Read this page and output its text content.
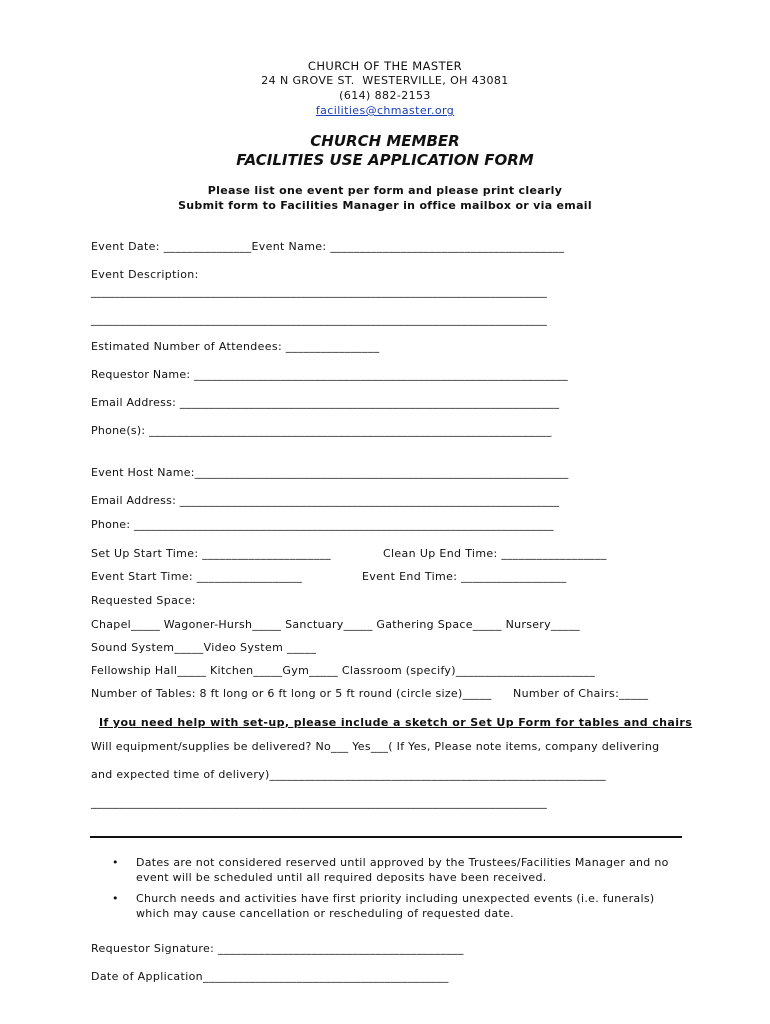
CHURCH OF THE MASTER
24 N GROVE ST.  WESTERVILLE, OH 43081
(614) 882-2153
facilities@chmaster.org
CHURCH MEMBER
FACILITIES USE APPLICATION FORM
Please list one event per form and please print clearly
Submit form to Facilities Manager in office mailbox or via email
Event Date: _______________Event Name: ________________________________________
Event Description:
________________________________________________________________________________
________________________________________________________________________________
Estimated Number of Attendees: ________________
Requestor Name: _________________________________________________________________
Email Address: __________________________________________________________________
Phone(s): ______________________________________________________________________
Event Host Name:_________________________________________________________________
Email Address: __________________________________________________________________
Phone: _________________________________________________________________________
Set Up Start Time: ______________________	Clean Up End Time: __________________
Event Start Time: __________________	Event End Time: __________________
Requested Space:
Chapel_____ Wagoner-Hursh_____ Sanctuary_____ Gathering Space_____ Nursery_____
Sound System_____Video System _____
Fellowship Hall_____ Kitchen_____Gym_____ Classroom (specify)________________________
Number of Tables: 8 ft long or 6 ft long or 5 ft round (circle size)_____ Number of Chairs:_____
If you need help with set-up, please include a sketch or Set Up Form for tables and chairs
Will equipment/supplies be delivered? No___ Yes___( If Yes, Please note items, company delivering
and expected time of delivery)__________________________________________________________
________________________________________________________________________________
• Dates are not considered reserved until approved by the Trustees/Facilities Manager and no event will be scheduled until all required deposits have been received.
• Church needs and activities have first priority including unexpected events (i.e. funerals) which may cause cancellation or rescheduling of requested date.
Requestor Signature: __________________________________________
Date of Application__________________________________________
